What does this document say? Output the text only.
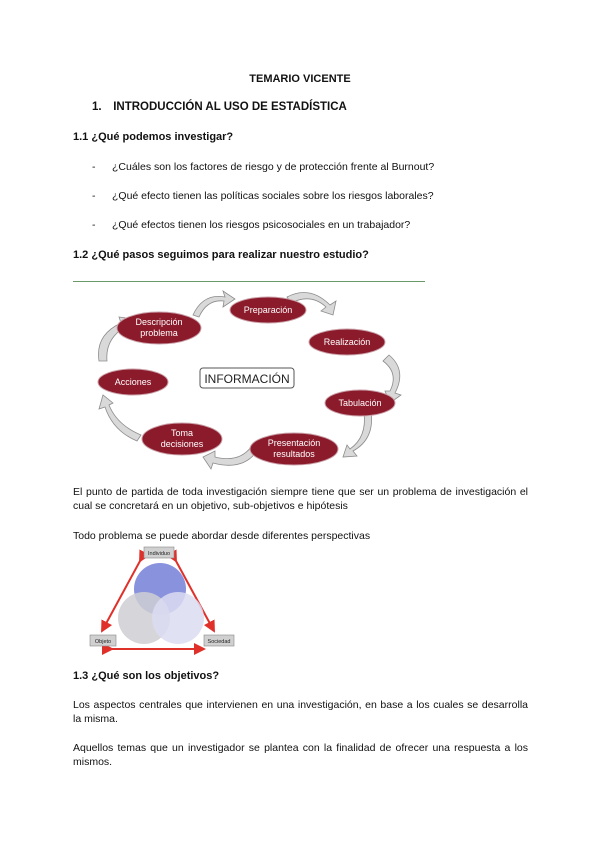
TEMARIO VICENTE
1. INTRODUCCIÓN AL USO DE ESTADÍSTICA
1.1 ¿Qué podemos investigar?
- ¿Cuáles son los factores de riesgo y de protección frente al Burnout?
- ¿Qué efecto tienen las políticas sociales sobre los riesgos laborales?
- ¿Qué efectos tienen los riesgos psicosociales en un trabajador?
1.2 ¿Qué pasos seguimos para realizar nuestro estudio?
Descripción
problema
Preparación
Realización
Tabulación
Presentación
resultados
Toma
decisiones
Acciones	INFORMACIÓN
El punto de partida de toda investigación siempre tiene que ser un problema de investigación el cual se concretará en un objetivo, sub-objetivos e hipótesis
Todo problema se puede abordar desde diferentes perspectivas
Individuo
Objeto	Sociedad
1.3 ¿Qué son los objetivos?
Los aspectos centrales que intervienen en una investigación, en base a los cuales se desarrolla la misma.
Aquellos temas que un investigador se plantea con la finalidad de ofrecer una respuesta a los mismos.
